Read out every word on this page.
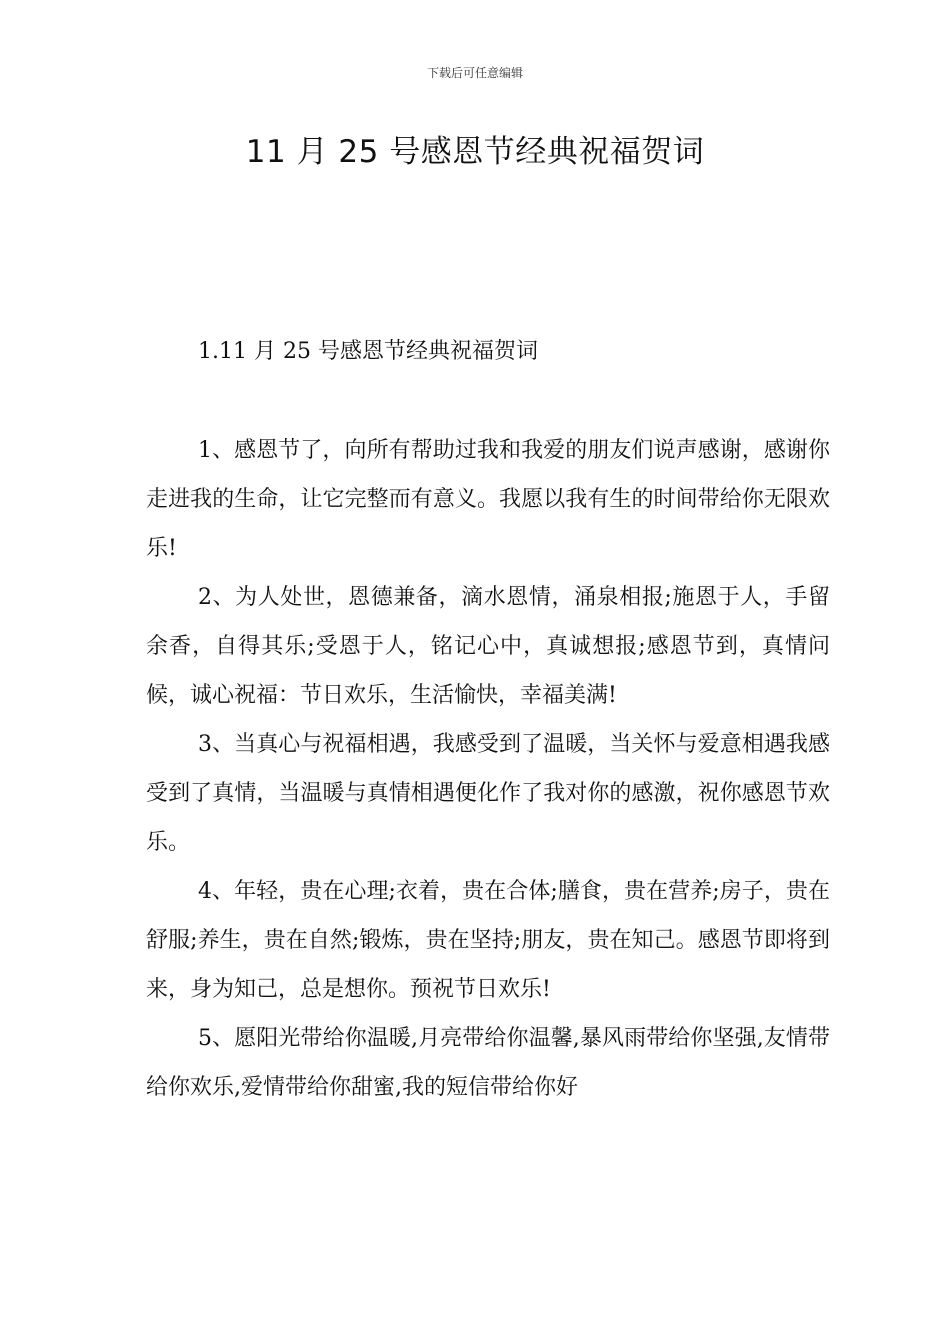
下载后可任意编辑
11 月 25 号感恩节经典祝福贺词
1.11 月 25 号感恩节经典祝福贺词

1、感恩节了，向所有帮助过我和我爱的朋友们说声感谢，感谢你走进我的生命，让它完整而有意义。我愿以我有生的时间带给你无限欢乐!

2、为人处世，恩德兼备，滴水恩情，涌泉相报;施恩于人，手留余香，自得其乐;受恩于人，铭记心中，真诚想报;感恩节到，真情问候，诚心祝福：节日欢乐，生活愉快，幸福美满!

3、当真心与祝福相遇，我感受到了温暖，当关怀与爱意相遇我感受到了真情，当温暖与真情相遇便化作了我对你的感激，祝你感恩节欢乐。

4、年轻，贵在心理;衣着，贵在合体;膳食，贵在营养;房子，贵在舒服;养生，贵在自然;锻炼，贵在坚持;朋友，贵在知己。感恩节即将到来，身为知己，总是想你。预祝节日欢乐!

5、愿阳光带给你温暖,月亮带给你温馨,暴风雨带给你坚强,友情带给你欢乐,爱情带给你甜蜜,我的短信带给你好
